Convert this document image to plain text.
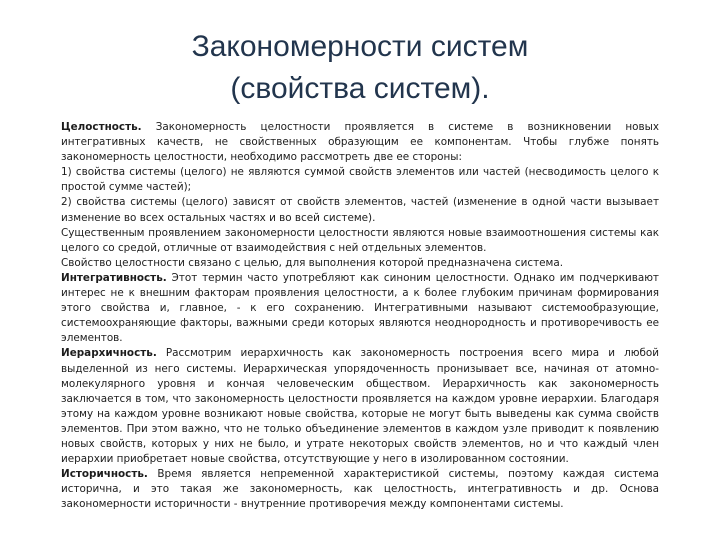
Закономерности систем
(свойства систем).

Целостность. Закономерность целостности проявляется в системе в возникновении новых интегративных качеств, не свойственных образующим ее компонентам. Чтобы глубже понять закономерность целостности, необходимо рассмотреть две ее стороны:

1) свойства системы (целого) не являются суммой свойств элементов или частей (несводимость целого к простой сумме частей);

2) свойства системы (целого) зависят от свойств элементов, частей (изменение в одной части вызывает изменение во всех остальных частях и во всей системе).

Существенным проявлением закономерности целостности являются новые взаимоотношения системы как целого со средой, отличные от взаимодействия с ней отдельных элементов.

Свойство целостности связано с целью, для выполнения которой предназначена система.

Интегративность. Этот термин часто употребляют как синоним целостности. Однако им подчеркивают интерес не к внешним факторам проявления целостности, а к более глубоким причинам формирования этого свойства и, главное, - к его сохранению. Интегративными называют системообразующие, системоохраняющие факторы, важными среди которых являются неоднородность и противоречивость ее элементов.

Иерархичность. Рассмотрим иерархичность как закономерность построения всего мира и любой выделенной из него системы. Иерархическая упорядоченность пронизывает все, начиная от атомно-молекулярного уровня и кончая человеческим обществом. Иерархичность как закономерность заключается в том, что закономерность целостности проявляется на каждом уровне иерархии. Благодаря этому на каждом уровне возникают новые свойства, которые не могут быть выведены как сумма свойств элементов. При этом важно, что не только объединение элементов в каждом узле приводит к появлению новых свойств, которых у них не было, и утрате некоторых свойств элементов, но и что каждый член иерархии приобретает новые свойства, отсутствующие у него в изолированном состоянии.

Историчность. Время является непременной характеристикой системы, поэтому каждая система исторична, и это такая же закономерность, как целостность, интегративность и др. Основа закономерности историчности - внутренние противоречия между компонентами системы.
